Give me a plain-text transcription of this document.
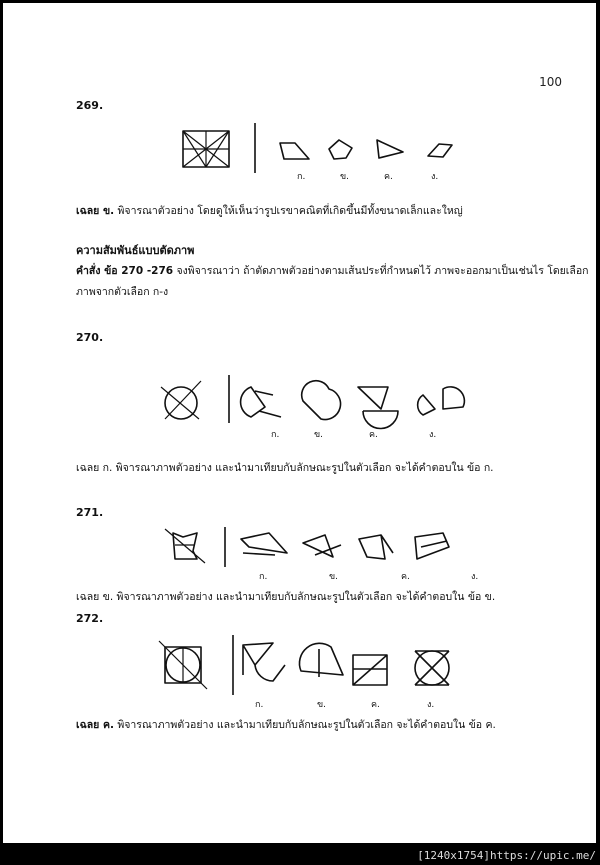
100
269.
ก.	ข.	ค.	ง.
เฉลย ข. พิจารณาตัวอย่าง โดยดูให้เห็นว่ารูปเรขาคณิตที่เกิดขึ้นมีทั้งขนาดเล็กและใหญ่
ความสัมพันธ์แบบตัดภาพ
คำสั่ง ข้อ 270 -276 จงพิจารณาว่า ถ้าตัดภาพตัวอย่างตามเส้นประที่กำหนดไว้ ภาพจะออกมาเป็นเช่นไร โดยเลือก
ภาพจากตัวเลือก ก-ง
270.
ก.	ข.	ค.	ง.
เฉลย ก. พิจารณาภาพตัวอย่าง และนำมาเทียบกับลักษณะรูปในตัวเลือก จะได้คำตอบใน ข้อ ก.
271.
ก.	ข.	ค.	ง.
เฉลย ข. พิจารณาภาพตัวอย่าง และนำมาเทียบกับลักษณะรูปในตัวเลือก จะได้คำตอบใน ข้อ ข.
272.
ก.	ข.	ค.	ง.
เฉลย ค. พิจารณาภาพตัวอย่าง และนำมาเทียบกับลักษณะรูปในตัวเลือก จะได้คำตอบใน ข้อ ค.
[1240x1754]https://upic.me/
